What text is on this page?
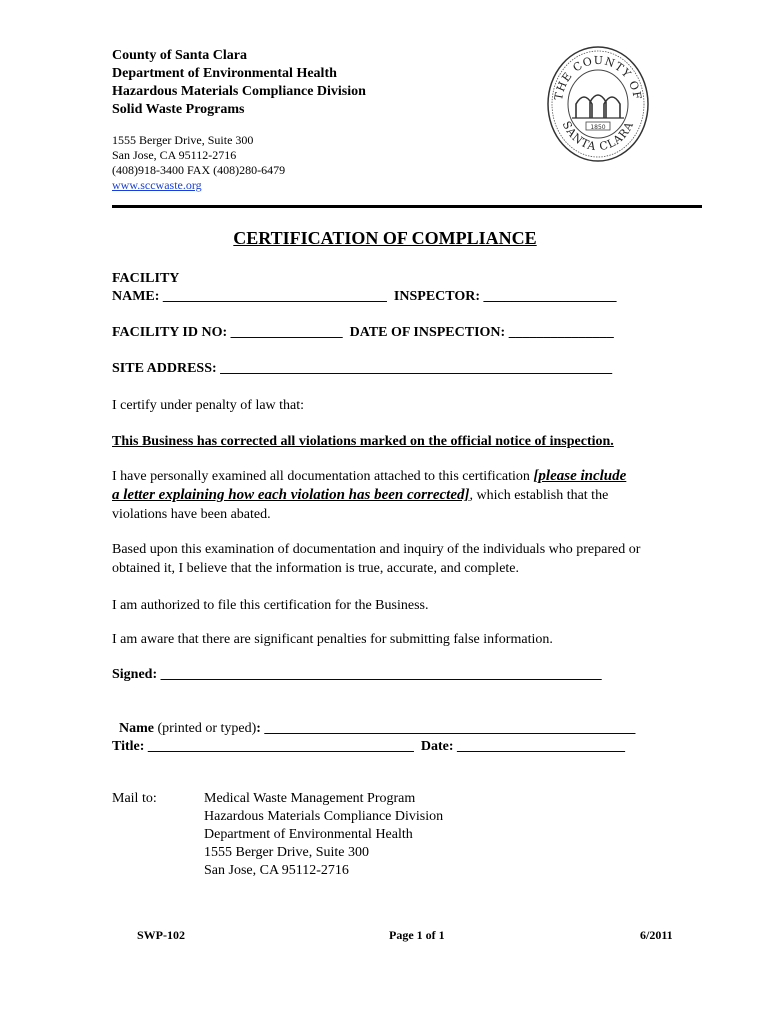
County of Santa Clara
Department of Environmental Health
Hazardous Materials Compliance Division
Solid Waste Programs
1555 Berger Drive, Suite 300
San Jose, CA 95112-2716
(408)918-3400 FAX (408)280-6479
www.sccwaste.org
THE COUNTY OF
SANTA CLARA
1850
CERTIFICATION OF COMPLIANCE
FACILITY
NAME: ________________________________  INSPECTOR: ___________________
FACILITY ID NO: ________________  DATE OF INSPECTION: _______________
SITE ADDRESS: ________________________________________________________
I certify under penalty of law that:
This Business has corrected all violations marked on the official notice of inspection.
I have personally examined all documentation attached to this certification [please include a letter explaining how each violation has been corrected], which establish that the violations have been abated.
Based upon this examination of documentation and inquiry of the individuals who prepared or obtained it, I believe that the information is true, accurate, and complete.
I am authorized to file this certification for the Business.
I am aware that there are significant penalties for submitting false information.
Signed: _______________________________________________________________

Name (printed or typed): _____________________________________________________

Title: ______________________________________  Date: ________________________
Mail to:	Medical Waste Management Program
Hazardous Materials Compliance Division
Department of Environmental Health
1555 Berger Drive, Suite 300
San Jose, CA 95112-2716
SWP-102	Page 1 of 1	6/2011
